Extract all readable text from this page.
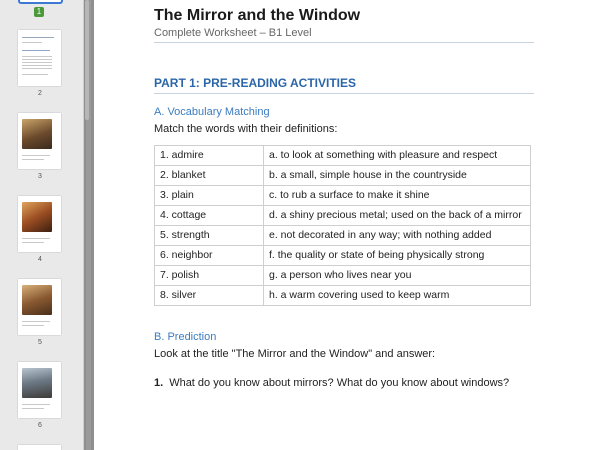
1
2
3
4
5
6
The Mirror and the Window
Complete Worksheet – B1 Level
PART 1: PRE-READING ACTIVITIES
A. Vocabulary Matching
Match the words with their definitions:
1. admire	a. to look at something with pleasure and respect
2. blanket	b. a small, simple house in the countryside
3. plain	c. to rub a surface to make it shine
4. cottage	d. a shiny precious metal; used on the back of a mirror
5. strength	e. not decorated in any way; with nothing added
6. neighbor	f. the quality or state of being physically strong
7. polish	g. a person who lives near you
8. silver	h. a warm covering used to keep warm
B. Prediction
Look at the title "The Mirror and the Window" and answer:
1. What do you know about mirrors? What do you know about windows?
